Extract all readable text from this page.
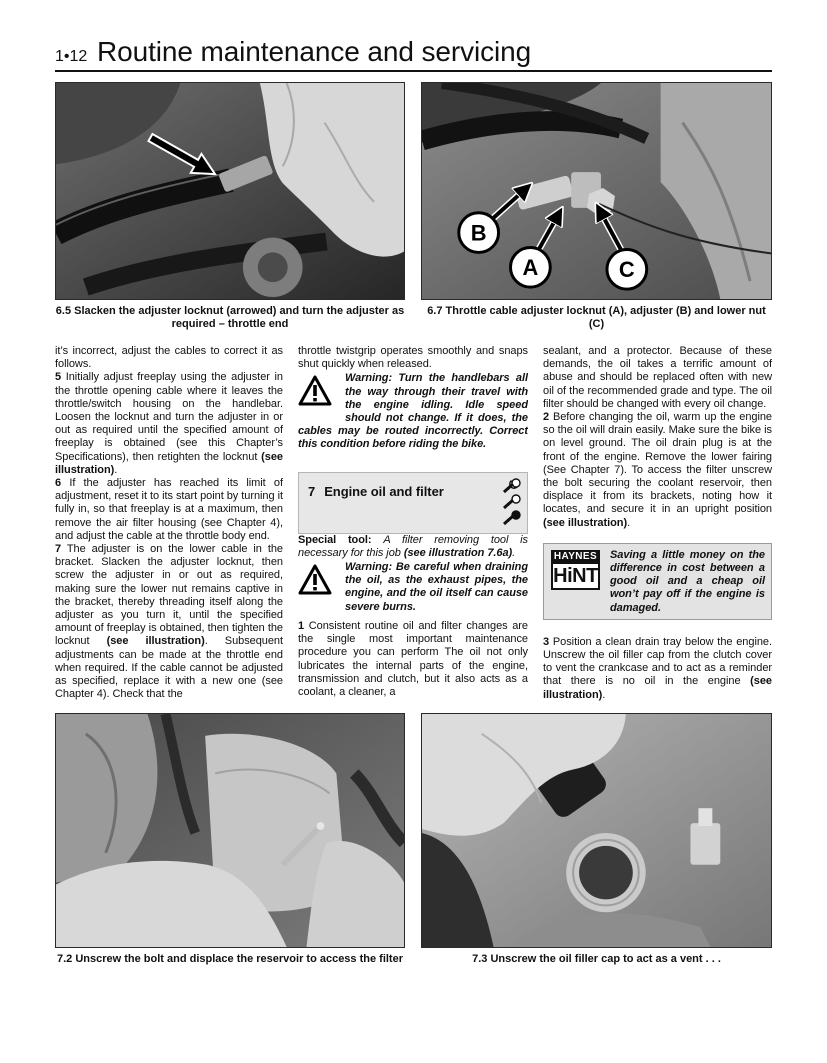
1•12 Routine maintenance and servicing
6.5 Slacken the adjuster locknut (arrowed) and turn the adjuster as required – throttle end
B
A	C
6.7 Throttle cable adjuster locknut (A), adjuster (B) and lower nut (C)

it’s incorrect, adjust the cables to correct it as follows.

5 Initially adjust freeplay using the adjuster in the throttle opening cable where it leaves the throttle/switch housing on the handlebar. Loosen the locknut and turn the adjuster in or out as required until the specified amount of freeplay is obtained (see this Chapter’s Specifications), then retighten the locknut (see illustration).

6 If the adjuster has reached its limit of adjustment, reset it to its start point by turning it fully in, so that freeplay is at a maximum, then remove the air filter housing (see Chapter 4), and adjust the cable at the throttle body end.

7 The adjuster is on the lower cable in the bracket. Slacken the adjuster locknut, then screw the adjuster in or out as required, making sure the lower nut remains captive in the bracket, thereby threading itself along the adjuster as you turn it, until the specified amount of freeplay is obtained, then tighten the locknut (see illustration). Subsequent adjustments can be made at the throttle end when required. If the cable cannot be adjusted as specified, replace it with a new one (see Chapter 4). Check that the

throttle twistgrip operates smoothly and snaps shut quickly when released.

Warning: Turn the handlebars all the way through their travel with the engine idling. Idle speed should not change. If it does, the cables may be routed incorrectly. Correct this condition before riding the bike.
7 Engine oil and filter

Special tool: A filter removing tool is necessary for this job (see illustration 7.6a).

Warning: Be careful when draining the oil, as the exhaust pipes, the engine, and the oil itself can cause severe burns.

1 Consistent routine oil and filter changes are the single most important maintenance procedure you can perform The oil not only lubricates the internal parts of the engine, transmission and clutch, but it also acts as a coolant, a cleaner, a

sealant, and a protector. Because of these demands, the oil takes a terrific amount of abuse and should be replaced often with new oil of the recommended grade and type. The oil filter should be changed with every oil change.

2 Before changing the oil, warm up the engine so the oil will drain easily. Make sure the bike is on level ground. The oil drain plug is at the front of the engine. Remove the lower fairing (See Chapter 7). To access the filter unscrew the bolt securing the coolant reservoir, then displace it from its brackets, noting how it locates, and secure it in an upright position (see illustration).

HAYNES
HiNT
Saving a little money on the difference in cost between a good oil and a cheap oil won’t pay off if the engine is damaged.

3 Position a clean drain tray below the engine. Unscrew the oil filler cap from the clutch cover to vent the crankcase and to act as a reminder that there is no oil in the engine (see illustration).

7.2 Unscrew the bolt and displace the reservoir to access the filter	7.3 Unscrew the oil filler cap to act as a vent . . .
